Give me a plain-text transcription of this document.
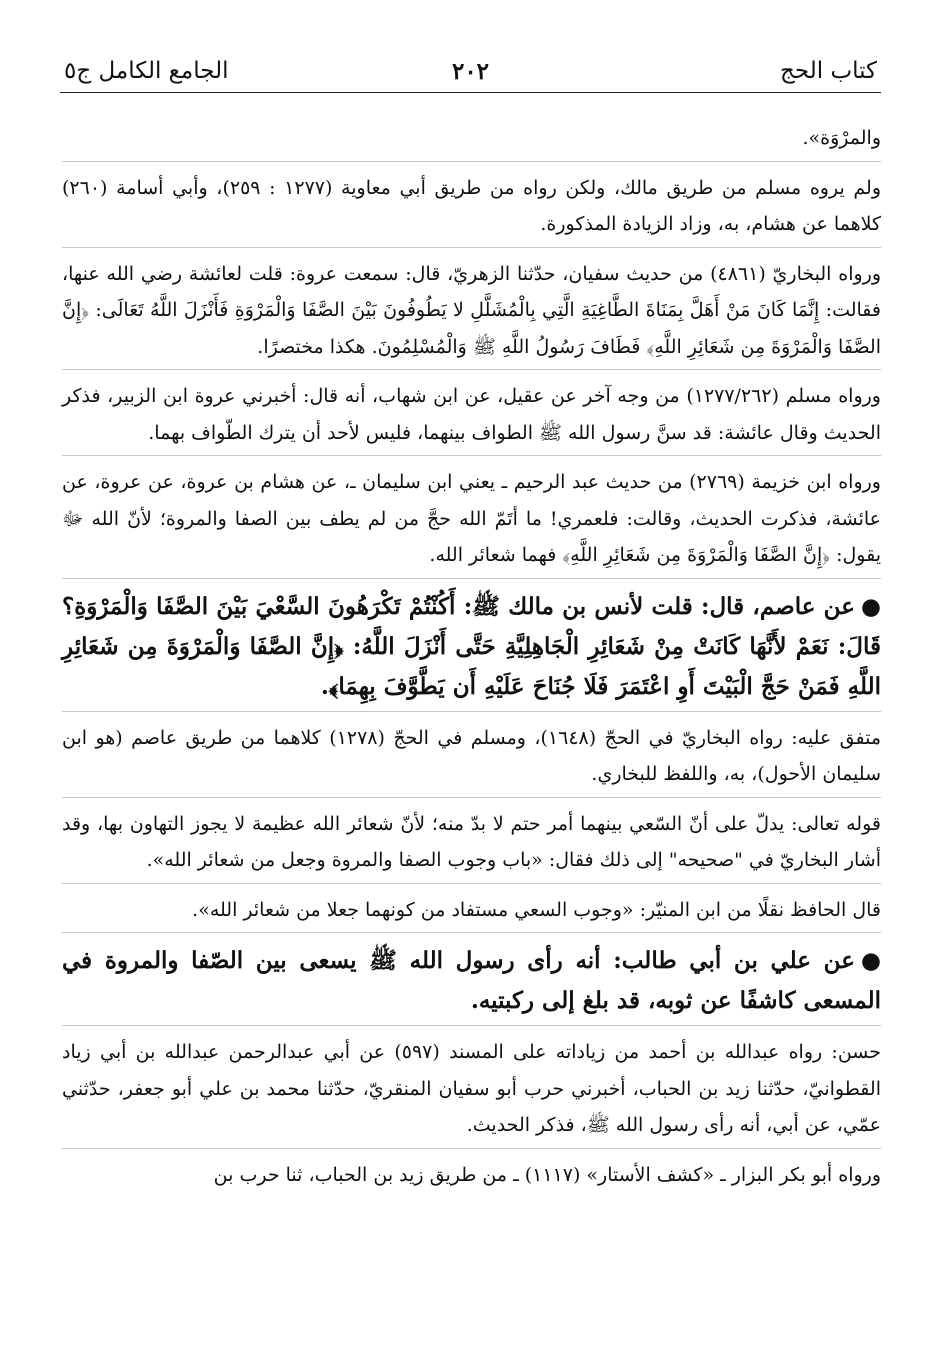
كتاب الحج
٢٠٢
الجامع الكامل ج٥

والمرْوَة».

ولم يروه مسلم من طريق مالك، ولكن رواه من طريق أبي معاوية (١٢٧٧ : ٢٥٩)، وأبي أسامة (٢٦٠) كلاهما عن هشام، به، وزاد الزيادة المذكورة.

ورواه البخاريّ (٤٨٦١) من حديث سفيان، حدّثنا الزهريّ، قال: سمعت عروة: قلت لعائشة رضي الله عنها، فقالت: إِنَّمَا كَانَ مَنْ أَهَلَّ بِمَنَاةَ الطَّاغِيَةِ الَّتِي بِالْمُشَلَّلِ لا يَطُوفُونَ بَيْنَ الصَّفَا وَالْمَرْوَةِ فَأَنْزَلَ اللَّهُ تَعَالَى: ﴿إِنَّ الصَّفَا وَالْمَرْوَةَ مِن شَعَائِرِ اللَّهِ﴾ فَطَافَ رَسُولُ اللَّهِ ﷺ وَالْمُسْلِمُونَ. هكذا مختصرًا.

ورواه مسلم (١٢٧٧/٢٦٢) من وجه آخر عن عقيل، عن ابن شهاب، أنه قال: أخبرني عروة ابن الزبير، فذكر الحديث وقال عائشة: قد سنَّ رسول الله ﷺ الطواف بينهما، فليس لأحد أن يترك الطّواف بهما.

ورواه ابن خزيمة (٢٧٦٩) من حديث عبد الرحيم ـ يعني ابن سليمان ـ، عن هشام بن عروة، عن عروة، عن عائشة، فذكرت الحديث، وقالت: فلعمري! ما أتَمّ الله حجَّ من لم يطف بين الصفا والمروة؛ لأنّ الله ﷻ يقول: ﴿إِنَّ الصَّفَا وَالْمَرْوَةَ مِن شَعَائِرِ اللَّهِ﴾ فهما شعائر الله.

●عن عاصم، قال: قلت لأنس بن مالك ﷺ: أَكُنْتُمْ تَكْرَهُونَ السَّعْيَ بَيْنَ الصَّفَا وَالْمَرْوَةِ؟ قَالَ: نَعَمْ لأَنَّهَا كَانَتْ مِنْ شَعَائِرِ الْجَاهِلِيَّةِ حَتَّى أَنْزَلَ اللَّهُ: ﴿إِنَّ الصَّفَا وَالْمَرْوَةَ مِن شَعَائِرِ اللَّهِ فَمَنْ حَجَّ الْبَيْتَ أَوِ اعْتَمَرَ فَلَا جُنَاحَ عَلَيْهِ أَن يَطَّوَّفَ بِهِمَا﴾.

متفق عليه: رواه البخاريّ في الحجّ (١٦٤٨)، ومسلم في الحجّ (١٢٧٨) كلاهما من طريق عاصم (هو ابن سليمان الأحول)، به، واللفظ للبخاري.

قوله تعالى: يدلّ على أنّ السّعي بينهما أمر حتم لا بدّ منه؛ لأنّ شعائر الله عظيمة لا يجوز التهاون بها، وقد أشار البخاريّ في "صحيحه" إلى ذلك فقال: «باب وجوب الصفا والمروة وجعل من شعائر الله».

قال الحافظ نقلًا من ابن المنيّر: «وجوب السعي مستفاد من كونهما جعلا من شعائر الله».

●عن علي بن أبي طالب: أنه رأى رسول الله ﷺ يسعى بين الصّفا والمروة في المسعى كاشفًا عن ثوبه، قد بلغ إلى ركبتيه.

حسن: رواه عبدالله بن أحمد من زياداته على المسند (٥٩٧) عن أبي عبدالرحمن عبدالله بن أبي زياد القطوانيّ، حدّثنا زيد بن الحباب، أخبرني حرب أبو سفيان المنقريّ، حدّثنا محمد بن علي أبو جعفر، حدّثني عمّي، عن أبي، أنه رأى رسول الله ﷺ، فذكر الحديث.

ورواه أبو بكر البزار ـ «كشف الأستار» (١١١٧) ـ من طريق زيد بن الحباب، ثنا حرب بن
